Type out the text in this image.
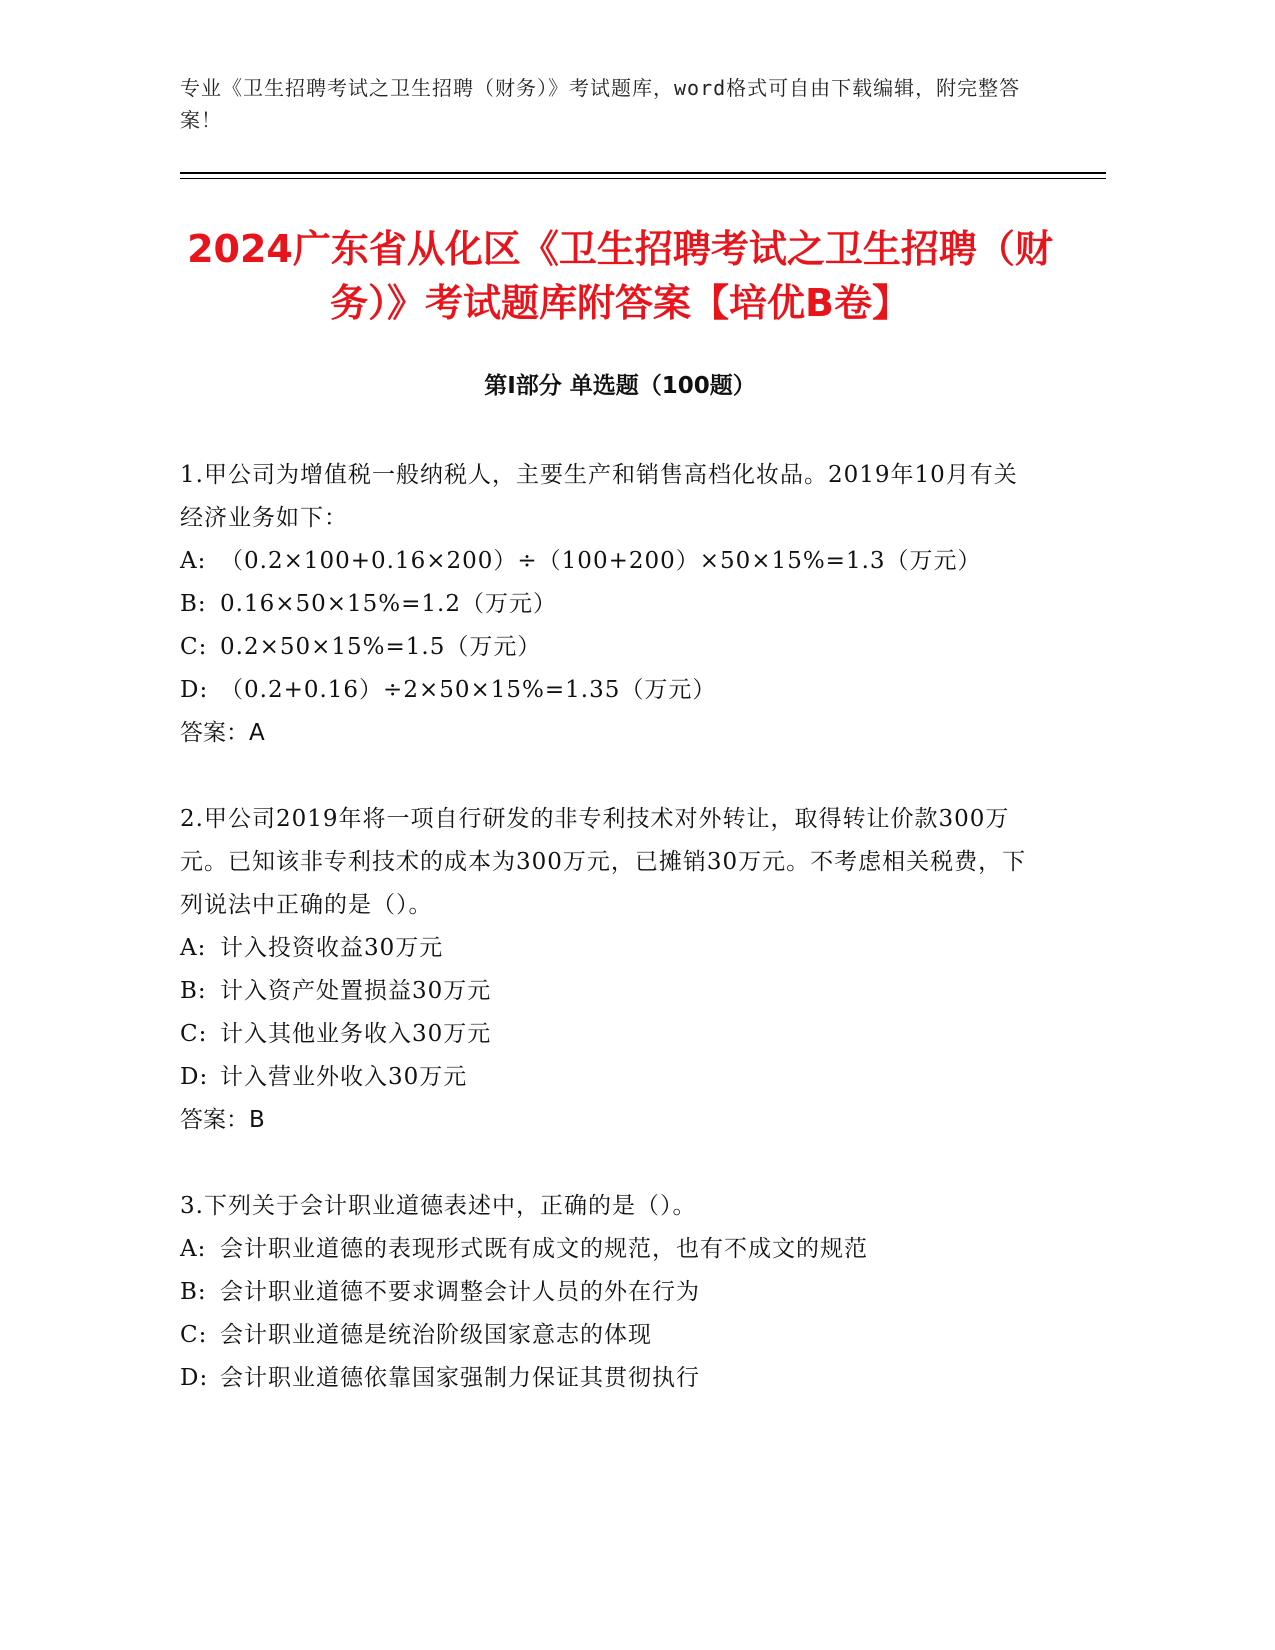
专业《卫生招聘考试之卫生招聘（财务）》考试题库，word格式可自由下载编辑，附完整答案！
2024广东省从化区《卫生招聘考试之卫生招聘（财务）》考试题库附答案【培优B卷】
第I部分 单选题（100题）
1.甲公司为增值税一般纳税人，主要生产和销售高档化妆品。2019年10月有关经济业务如下：
A: （0.2×100+0.16×200）÷（100+200）×50×15%=1.3（万元）
B: 0.16×50×15%=1.2（万元）
C: 0.2×50×15%=1.5（万元）
D: （0.2+0.16）÷2×50×15%=1.35（万元）
答案：A
2.甲公司2019年将一项自行研发的非专利技术对外转让，取得转让价款300万元。已知该非专利技术的成本为300万元，已摊销30万元。不考虑相关税费，下列说法中正确的是（）。
A: 计入投资收益30万元
B: 计入资产处置损益30万元
C: 计入其他业务收入30万元
D: 计入营业外收入30万元
答案：B
3.下列关于会计职业道德表述中，正确的是（）。
A: 会计职业道德的表现形式既有成文的规范，也有不成文的规范
B: 会计职业道德不要求调整会计人员的外在行为
C: 会计职业道德是统治阶级国家意志的体现
D: 会计职业道德依靠国家强制力保证其贯彻执行
